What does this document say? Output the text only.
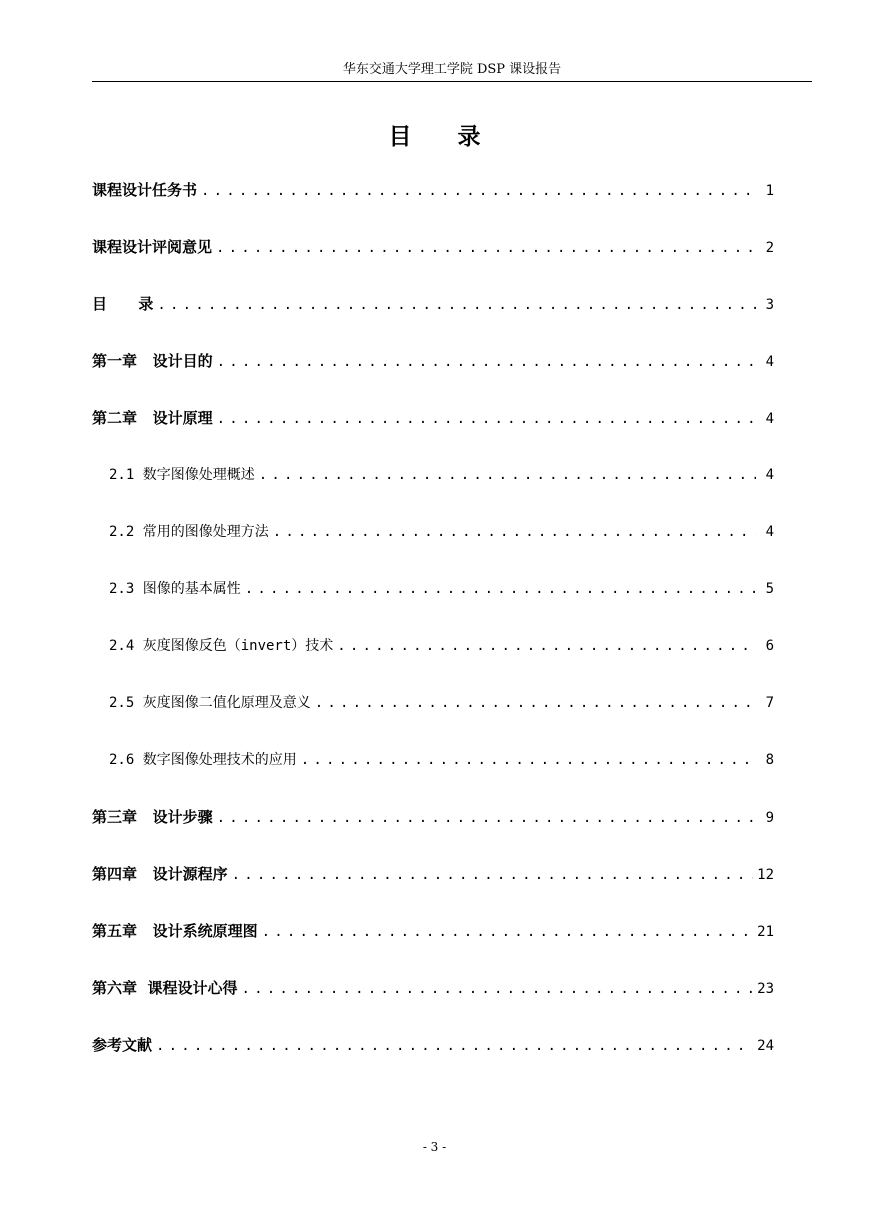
华东交通大学理工学院 DSP 课设报告
目录
课程设计任务书 .....	1
课程设计评阅意见 .....	2
目      录 .....	3
第一章   设计目的 .....	4
第二章   设计原理 .....	4
2.1 数字图像处理概述 .....	4
2.2 常用的图像处理方法 .....	4
2.3 图像的基本属性 .....	5
2.4 灰度图像反色（invert）技术 .....	6
2.5 灰度图像二值化原理及意义 .....	7
2.6 数字图像处理技术的应用 .....	8
第三章   设计步骤 .....	9
第四章   设计源程序 .....	12
第五章   设计系统原理图 .....	21
第六章  课程设计心得 .....	23
参考文献 .....	24
- 3 -
